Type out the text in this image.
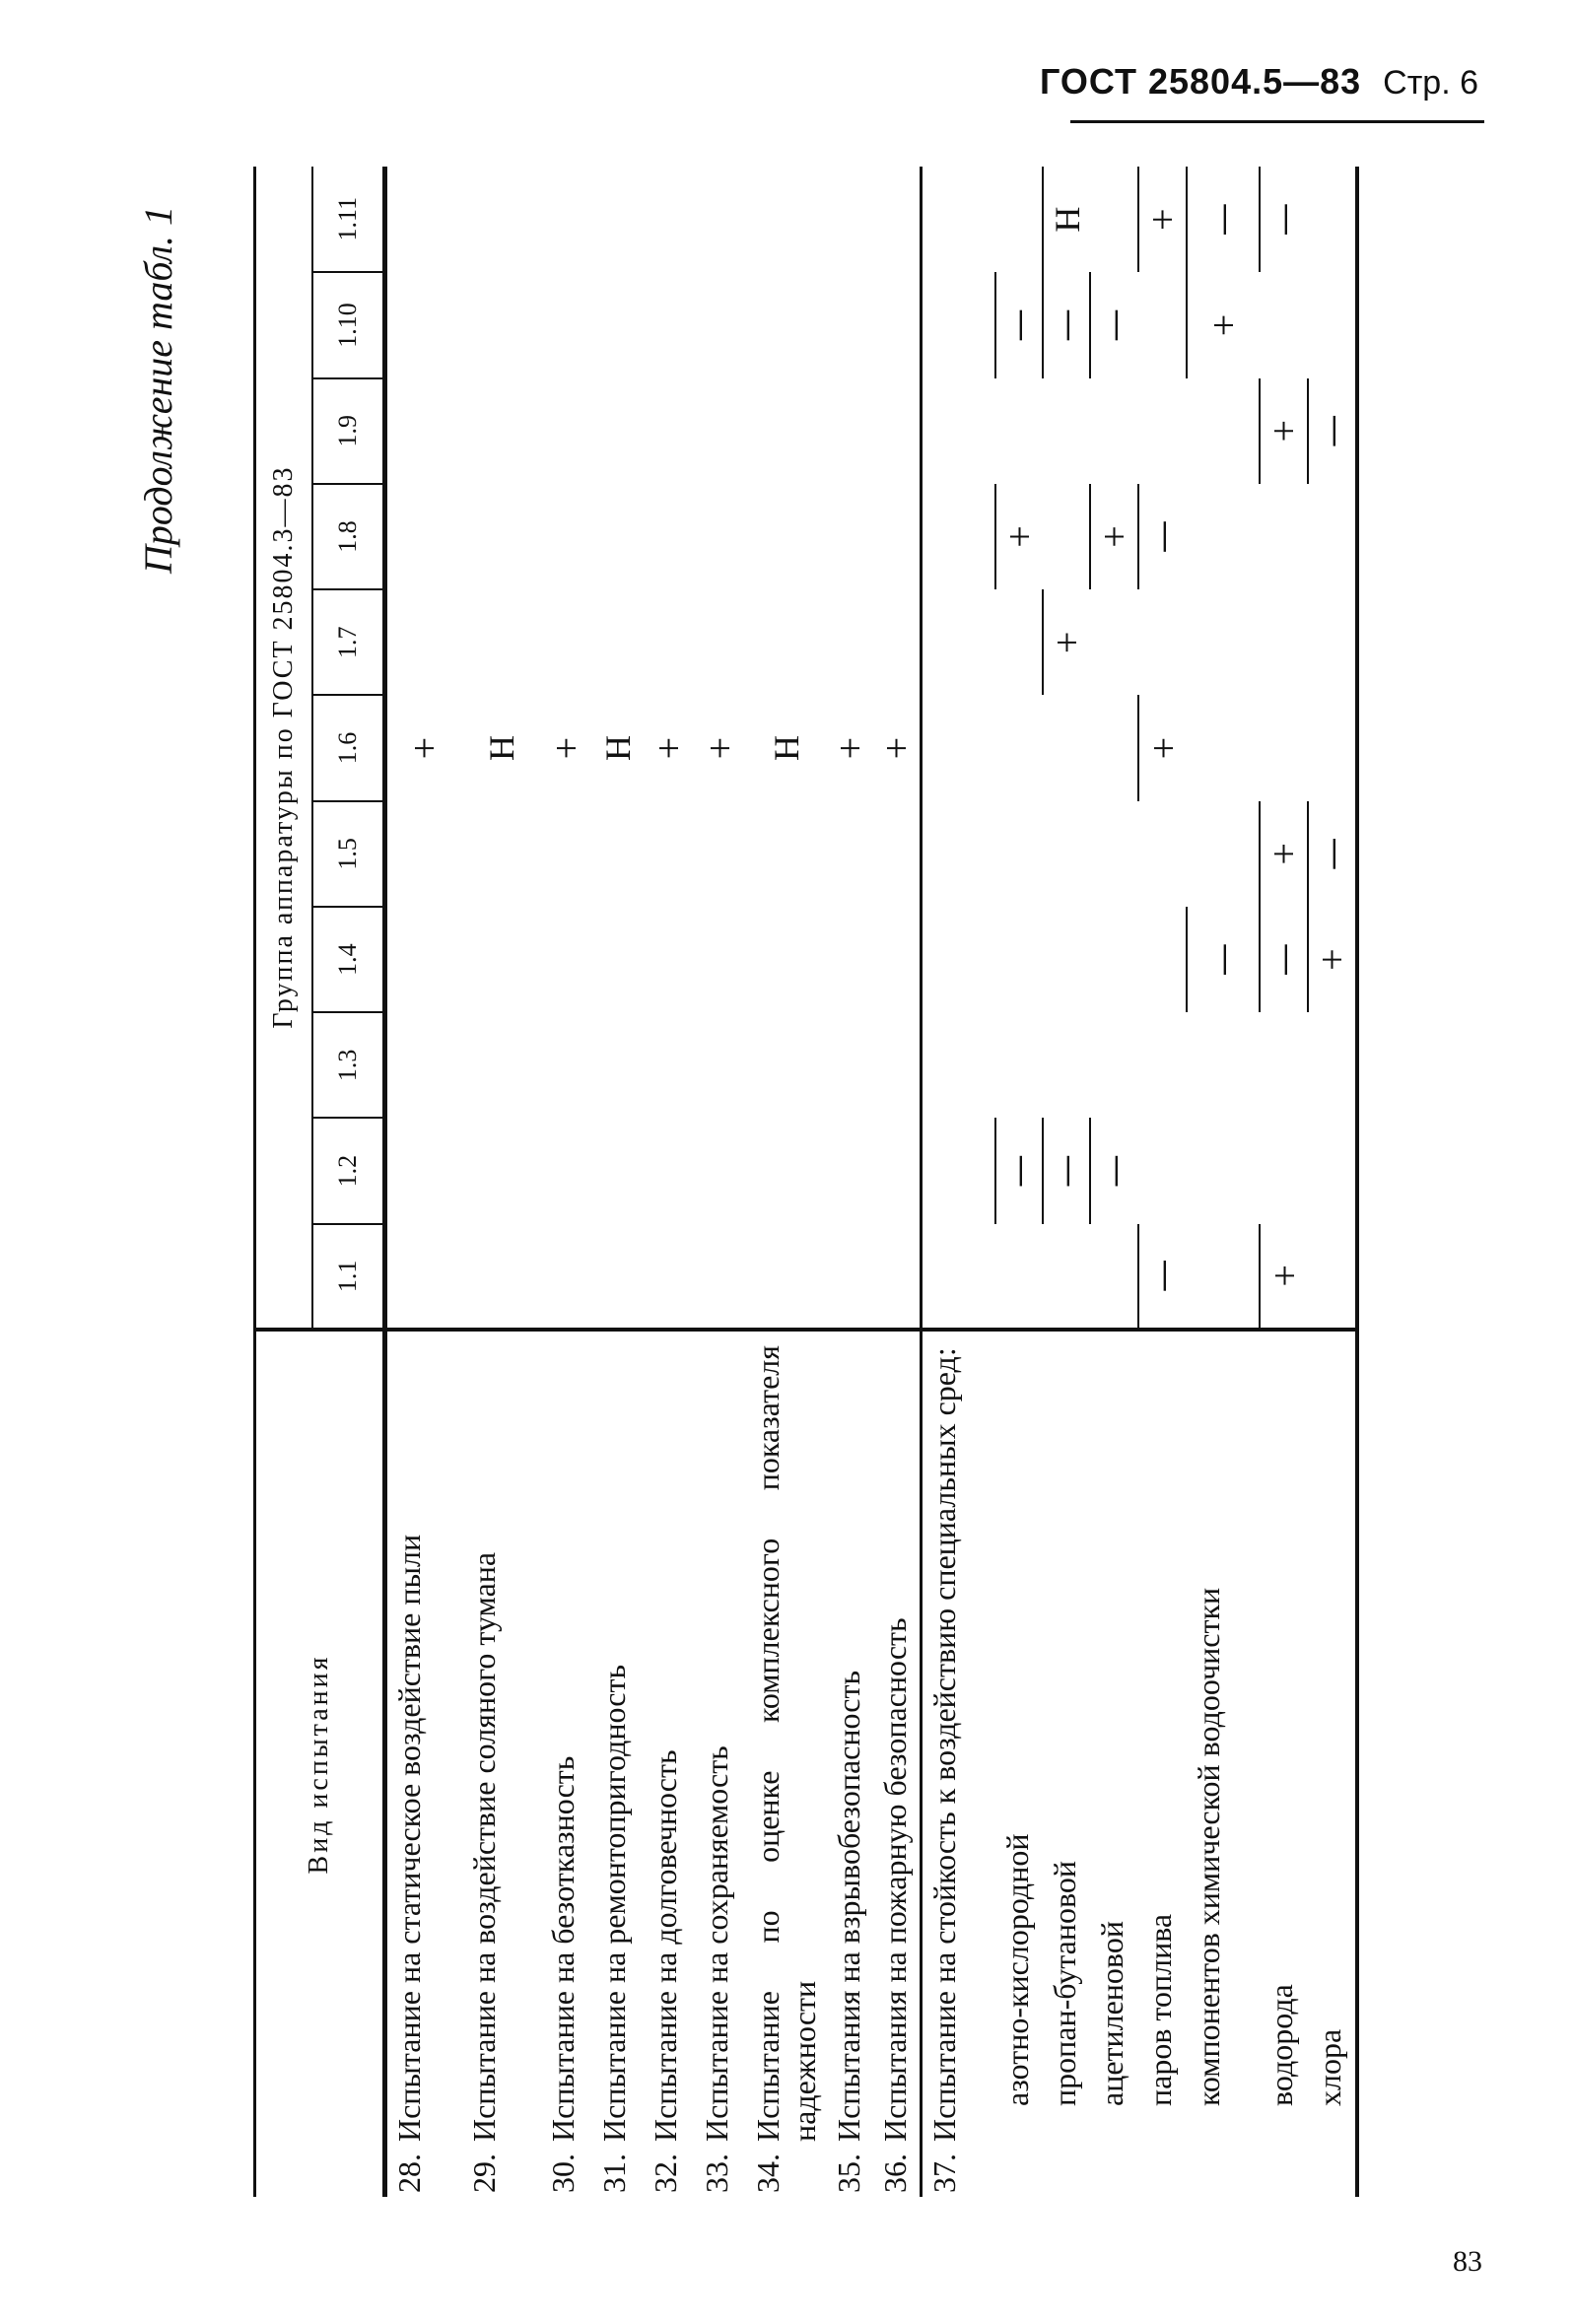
ГОСТ 25804.5—83 Стр. 6
Продолжение табл. 1
Вид испытания	Группа аппаратуры по ГОСТ 25804.3—83										
	1.1	1.2	1.3	1.4	1.5	1.6	1.7	1.8	1.9	1.10	1.11

28.
Испытание на статическое воздействие пыли						+					

29.
Испытание на воздействие соляного тумана						Н					

30.
Испытание на безотказность						+					

31.
Испытание на ремонтопригодность						Н					

32.
Испытание на долговечность						+					

33.
Испытание на сохраняемость						+					

34.
Испытание по оценке комплексного показателя надежности						Н					

35.
Испытания на взрывобезопасность						+					

36.
Испытания на пожарную безопасность						+					

37.
Испытание на стойкость к воздействию специальных сред:											

азотно-кислородной		—						+		—	

пропан-бутановой		—					+			—	Н

ацетиленовой		—						+		—	

паров топлива	—					+		—			+

компонентов химической водоочистки				—						+	—

водорода	+			—	+				+		—

хлора				+	—				—		
83
